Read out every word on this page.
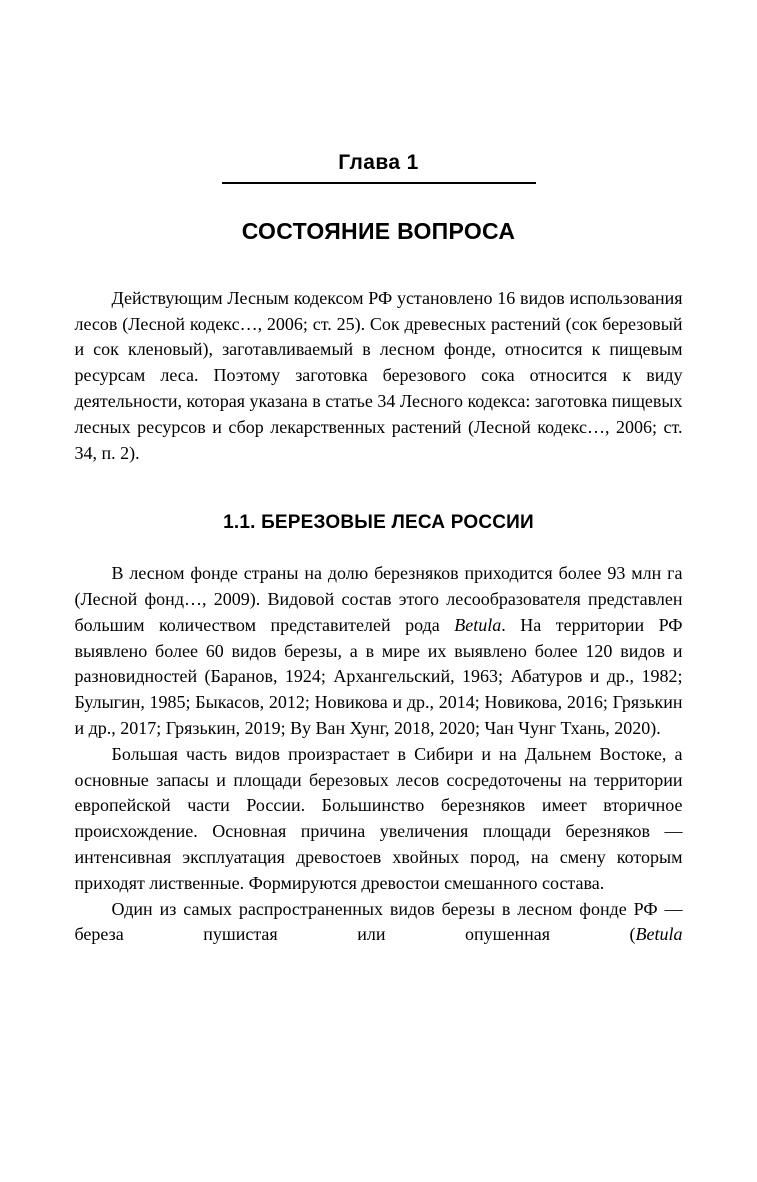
Глава 1
СОСТОЯНИЕ ВОПРОСА

Действующим Лесным кодексом РФ установлено 16 видов использования лесов (Лесной кодекс…, 2006; ст. 25). Сок древесных растений (сок березовый и сок кленовый), заготавливаемый в лесном фонде, относится к пищевым ресурсам леса. Поэтому заготовка березового сока относится к виду деятельности, которая указана в статье 34 Лесного кодекса: заготовка пищевых лесных ресурсов и сбор лекарственных растений (Лесной кодекс…, 2006; ст. 34, п. 2).

1.1. БЕРЕЗОВЫЕ ЛЕСА РОССИИ

В лесном фонде страны на долю березняков приходится более 93 млн га (Лесной фонд…, 2009). Видовой состав этого лесообразователя представлен большим количеством представителей рода Betula. На территории РФ выявлено более 60 видов березы, а в мире их выявлено более 120 видов и разновидностей (Баранов, 1924; Архангельский, 1963; Абатуров и др., 1982; Булыгин, 1985; Быкасов, 2012; Новикова и др., 2014; Новикова, 2016; Грязькин и др., 2017; Грязькин, 2019; Ву Ван Хунг, 2018, 2020; Чан Чунг Тхань, 2020).

Большая часть видов произрастает в Сибири и на Дальнем Востоке, а основные запасы и площади березовых лесов сосредоточены на территории европейской части России. Большинство березняков имеет вторичное происхождение. Основная причина увеличения площади березняков — интенсивная эксплуатация древостоев хвойных пород, на смену которым приходят лиственные. Формируются древостои смешанного состава.

Один из самых распространенных видов березы в лесном фонде РФ — береза пушистая или опушенная (Betula
